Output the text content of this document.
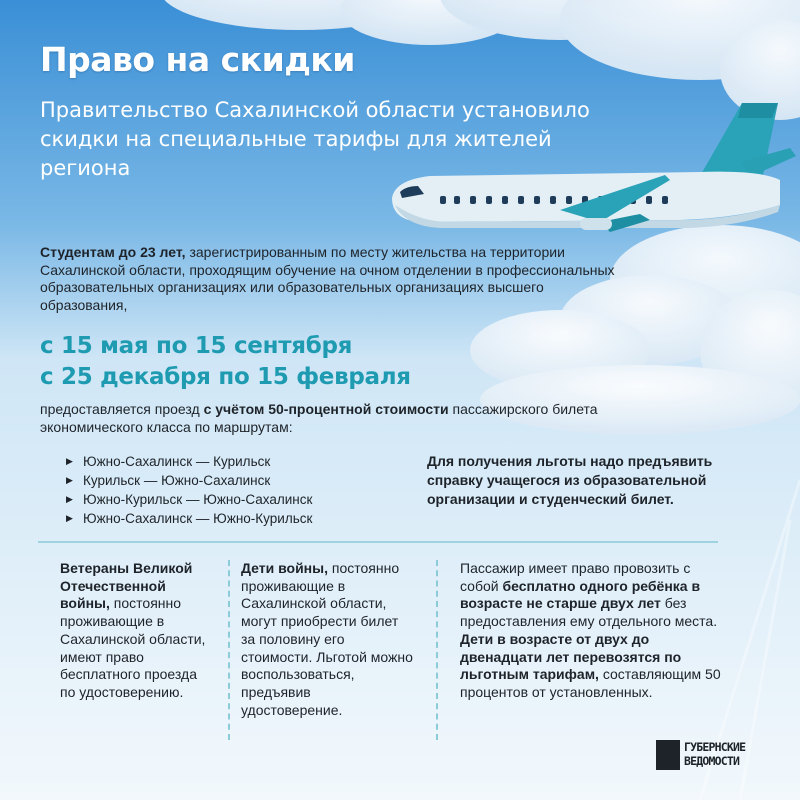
Право на скидки

Правительство Сахалинской области установило скидки на специальные тарифы для жителей региона

Студентам до 23 лет, зарегистрированным по месту жительства на территории Сахалинской области, проходящим обучение на очном отделении в профессиональных образовательных организациях или образовательных организациях высшего образования,

с 15 мая по 15 сентября
с 25 декабря по 15 февраля

предоставляется проезд с учётом 50-процентной стоимости пассажирского билета экономического класса по маршрутам:

▶ Южно-Сахалинск — Курильск
▶ Курильск — Южно-Сахалинск
▶ Южно-Курильск — Южно-Сахалинск
▶ Южно-Сахалинск — Южно-Курильск

Для получения льготы надо предъявить справку учащегося из образовательной организации и студенческий билет.

Ветераны Великой Отечественной войны, постоянно проживающие в Сахалинской области, имеют право бесплатного проезда по удостоверению.

Дети войны, постоянно проживающие в Сахалинской области, могут приобрести билет за половину его стоимости. Льготой можно воспользоваться, предъявив удостоверение.

Пассажир имеет право провозить с собой бесплатно одного ребёнка в возрасте не старше двух лет без предоставления ему отдельного места.
Дети в возрасте от двух до двенадцати лет перевозятся по льготным тарифам, составляющим 50 процентов от установленных.

ГУБЕРНСКИЕ
ВЕДОМОСТИ
